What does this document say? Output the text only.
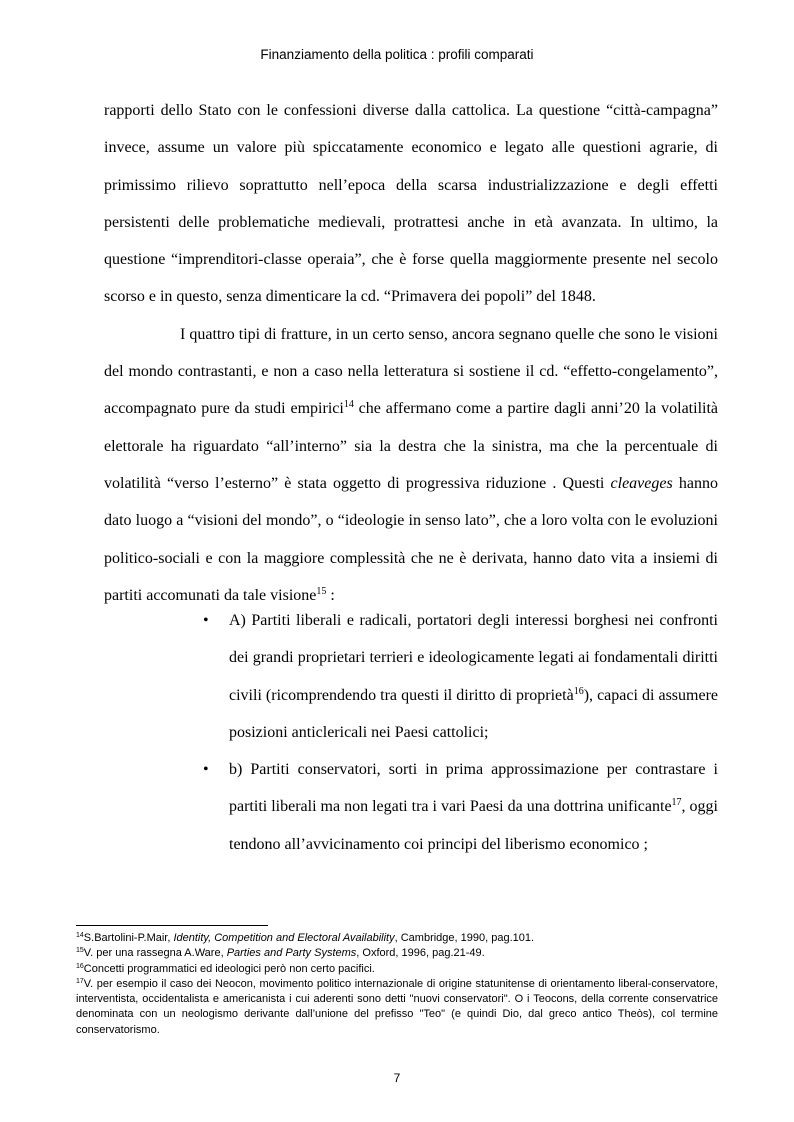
Finanziamento della politica : profili comparati

rapporti dello Stato con le confessioni diverse dalla cattolica. La questione “città-campagna” invece, assume un valore più spiccatamente economico e legato alle questioni agrarie, di primissimo rilievo soprattutto nell’epoca della scarsa industrializzazione e degli effetti persistenti delle problematiche medievali, protrattesi anche in età avanzata. In ultimo, la questione “imprenditori-classe operaia”, che è forse quella maggiormente presente nel secolo scorso e in questo, senza dimenticare la cd. “Primavera dei popoli” del 1848.

I quattro tipi di fratture, in un certo senso, ancora segnano quelle che sono le visioni del mondo contrastanti, e non a caso nella letteratura si sostiene il cd. “effetto-congelamento”, accompagnato pure da studi empirici$^{14}$ che affermano come a partire dagli anni’20 la volatilità elettorale ha riguardato “all’interno” sia la destra che la sinistra, ma che la percentuale di volatilità “verso l’esterno” è stata oggetto di progressiva riduzione . Questi cleaveges hanno dato luogo a “visioni del mondo”, o “ideologie in senso lato”, che a loro volta con le evoluzioni politico-sociali e con la maggiore complessità che ne è derivata, hanno dato vita a insiemi di partiti accomunati da tale visione$^{15}$ :

• A) Partiti liberali e radicali, portatori degli interessi borghesi nei confronti dei grandi proprietari terrieri e ideologicamente legati ai fondamentali diritti civili (ricomprendendo tra questi il diritto di proprietà$^{16}$), capaci di assumere posizioni anticlericali nei Paesi cattolici;
• b) Partiti conservatori, sorti in prima approssimazione per contrastare i partiti liberali ma non legati tra i vari Paesi da una dottrina unificante$^{17}$, oggi tendono all’avvicinamento coi principi del liberismo economico ;

$^{14}$S.Bartolini-P.Mair, Identity, Competition and Electoral Availability, Cambridge, 1990, pag.101.

$^{15}$V. per una rassegna A.Ware, Parties and Party Systems, Oxford, 1996, pag.21-49.

$^{16}$Concetti programmatici ed ideologici però non certo pacifici.

$^{17}$V. per esempio il caso dei Neocon, movimento politico internazionale di origine statunitense di orientamento liberal-conservatore, interventista, occidentalista e americanista i cui aderenti sono detti "nuovi conservatori". O i Teocons, della corrente conservatrice denominata con un neologismo derivante dall’unione del prefisso "Teo" (e quindi Dio, dal greco antico Theòs), col termine conservatorismo.

7
